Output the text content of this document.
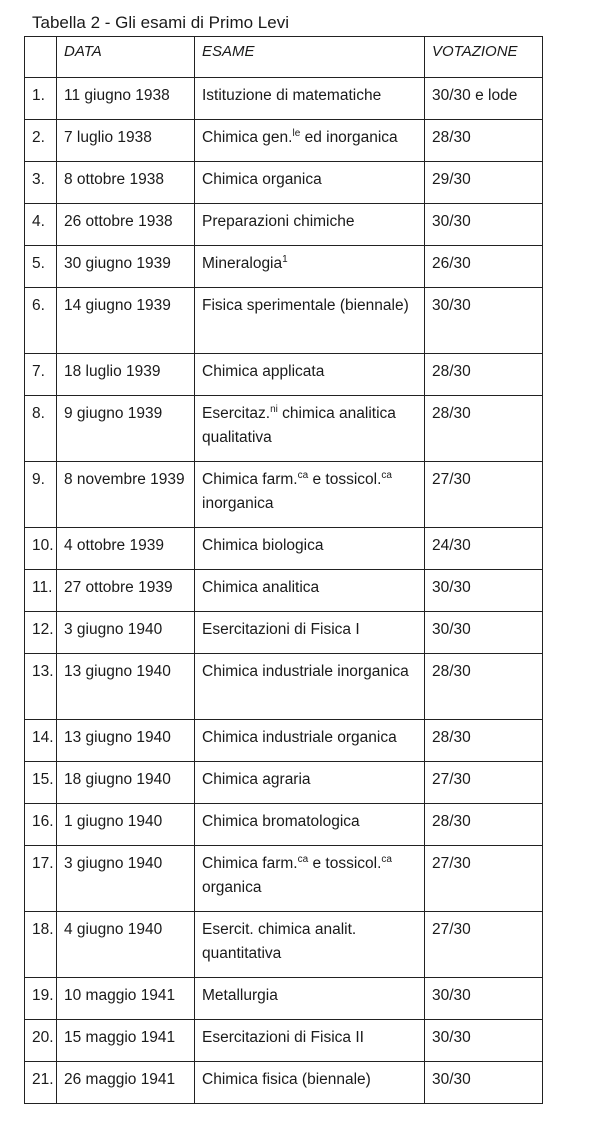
Tabella 2 - Gli esami di Primo Levi
	DATA	ESAME	VOTAZIONE
1.	11 giugno 1938	Istituzione di matematiche	30/30 e lode
2.	7 luglio 1938	Chimica gen.$^{le}$ ed inorganica	28/30
3.	8 ottobre 1938	Chimica organica	29/30
4.	26 ottobre 1938	Preparazioni chimiche	30/30
5.	30 giugno 1939	Mineralogia$^1$	26/30
6.	14 giugno 1939	Fisica sperimentale (biennale)	30/30
7.	18 luglio 1939	Chimica applicata	28/30
8.	9 giugno 1939	Esercitaz.$^{ni}$ chimica analitica qualitativa	28/30
9.	8 novembre 1939	Chimica farm.$^{ca}$ e tossicol.$^{ca}$ inorganica	27/30
10.	4 ottobre 1939	Chimica biologica	24/30
11.	27 ottobre 1939	Chimica analitica	30/30
12.	3 giugno 1940	Esercitazioni di Fisica I	30/30
13.	13 giugno 1940	Chimica industriale inorganica	28/30
14.	13 giugno 1940	Chimica industriale organica	28/30
15.	18 giugno 1940	Chimica agraria	27/30
16.	1 giugno 1940	Chimica bromatologica	28/30
17.	3 giugno 1940	Chimica farm.$^{ca}$ e tossicol.$^{ca}$ organica	27/30
18.	4 giugno 1940	Esercit. chimica analit. quantitativa	27/30
19.	10 maggio 1941	Metallurgia	30/30
20.	15 maggio 1941	Esercitazioni di Fisica II	30/30
21.	26 maggio 1941	Chimica fisica (biennale)	30/30
